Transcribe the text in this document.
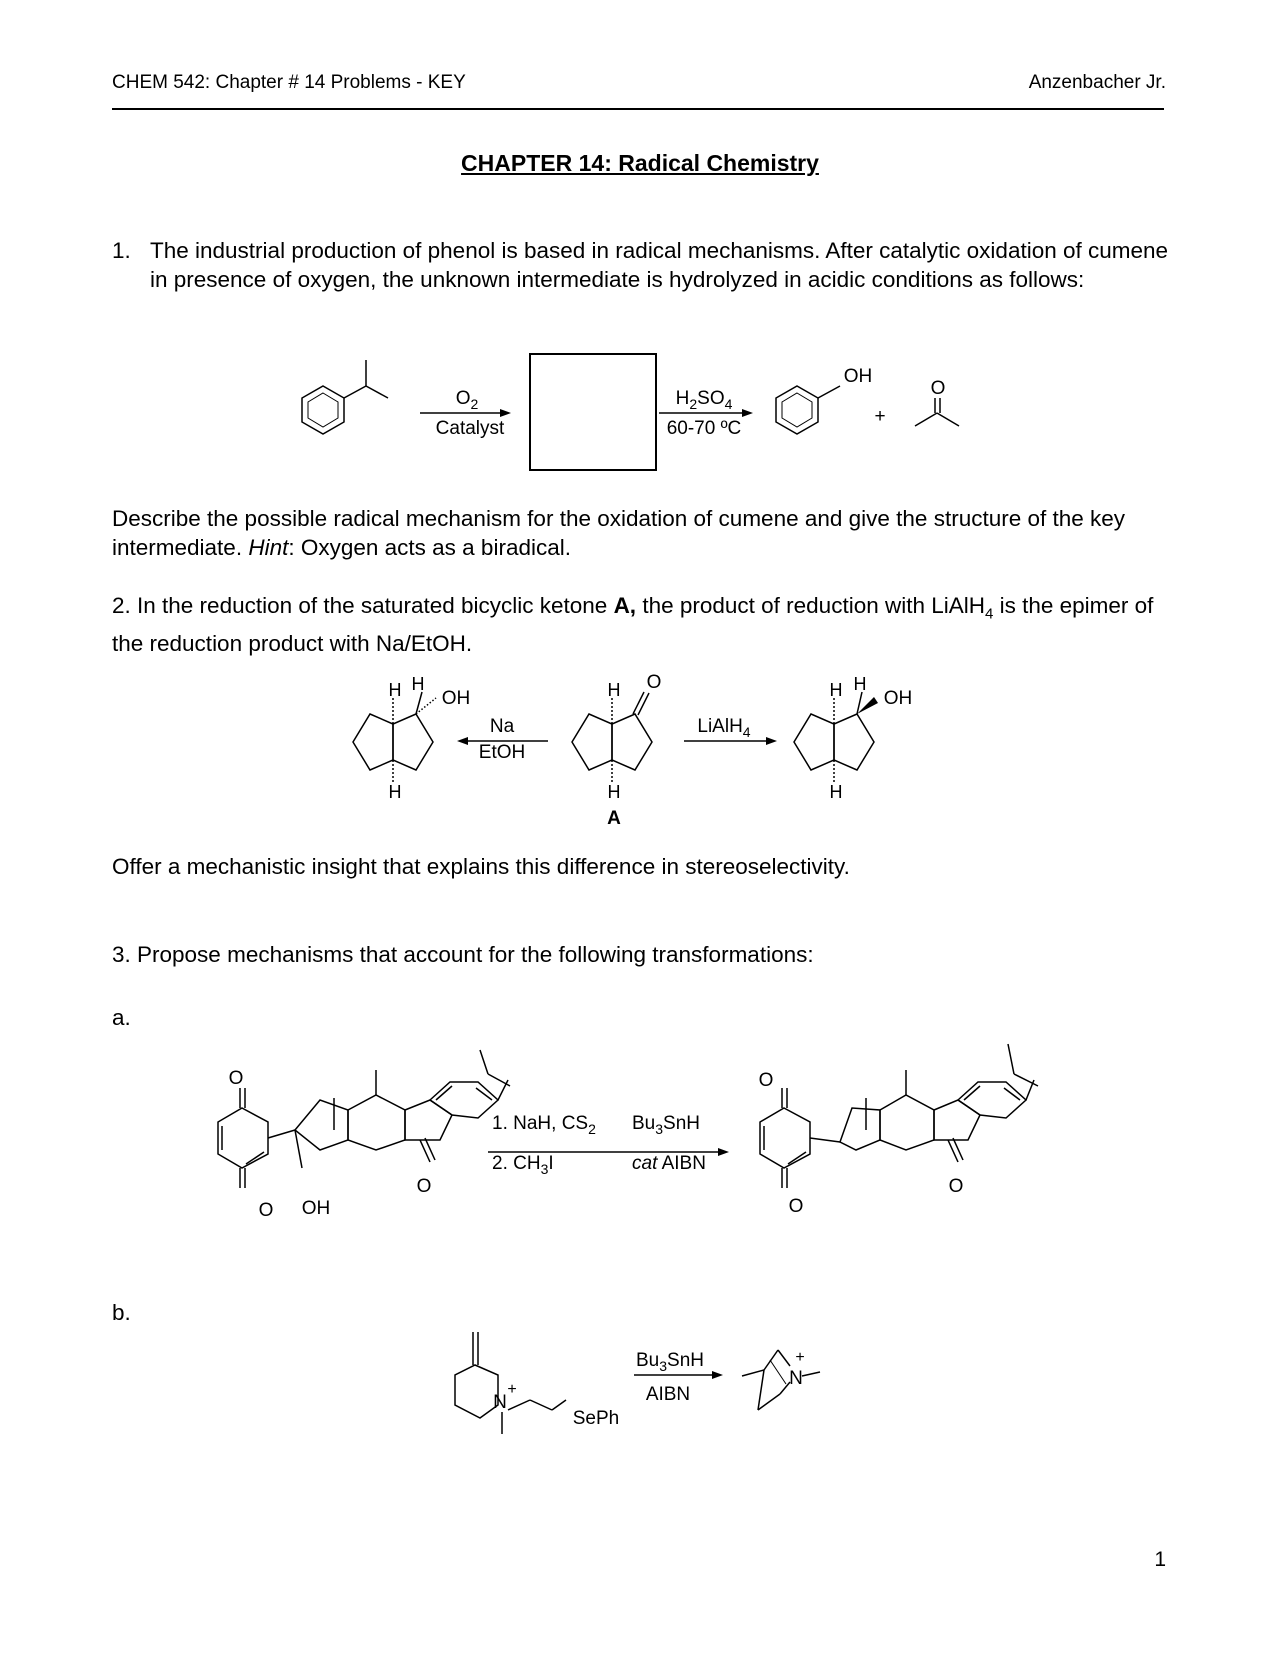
CHEM 542: Chapter # 14 Problems - KEY	Anzenbacher Jr.
CHAPTER 14: Radical Chemistry
1. The industrial production of phenol is based in radical mechanisms. After catalytic oxidation of cumene in presence of oxygen, the unknown intermediate is hydrolyzed in acidic conditions as follows:
$O_2$
Catalyst
$H_2SO_4$
60-70 ºC
OH
+
O
Describe the possible radical mechanism for the oxidation of cumene and give the structure of the key intermediate. Hint: Oxygen acts as a biradical.
2. In the reduction of the saturated bicyclic ketone A, the product of reduction with LiAlH$_4$ is the epimer of the reduction product with Na/EtOH.
H H
OH
H
Na
EtOH
H O
H
A
LiAlH$_4$
H H
OH
H
Offer a mechanistic insight that explains this difference in stereoselectivity.
3. Propose mechanisms that account for the following transformations:
a.
O
O OH
O
1. NaH, $CS_2$
2. $CH_3I$
$Bu_3SnH$
cat AIBN
O
O
O
b.
N
+
SePh
$Bu_3SnH$
AIBN
N
+
1
